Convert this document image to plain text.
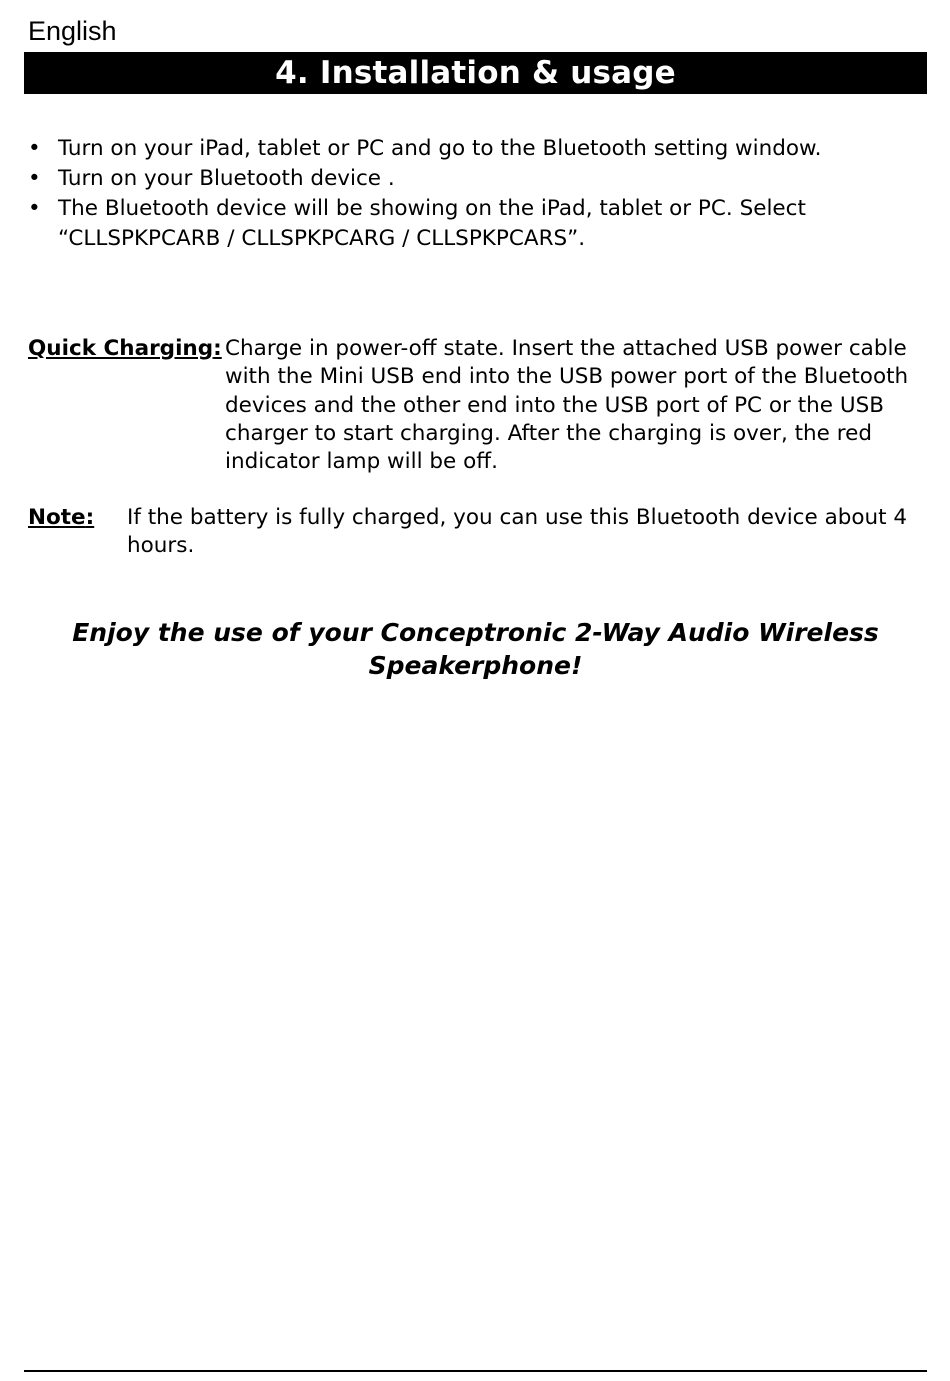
English
4. Installation & usage
• Turn on your iPad, tablet or PC and go to the Bluetooth setting window.
• Turn on your Bluetooth device .
• The Bluetooth device will be showing on the iPad, tablet or PC. Select “CLLSPKPCARB / CLLSPKPCARG / CLLSPKPCARS”.
Quick Charging: Charge in power-off state. Insert the attached USB power cable with the Mini USB end into the USB power port of the Bluetooth devices and the other end into the USB port of PC or the USB charger to start charging. After the charging is over, the red indicator lamp will be off.
Note: If the battery is fully charged, you can use this Bluetooth device about 4 hours.
Enjoy the use of your Conceptronic 2-Way Audio Wireless Speakerphone!
